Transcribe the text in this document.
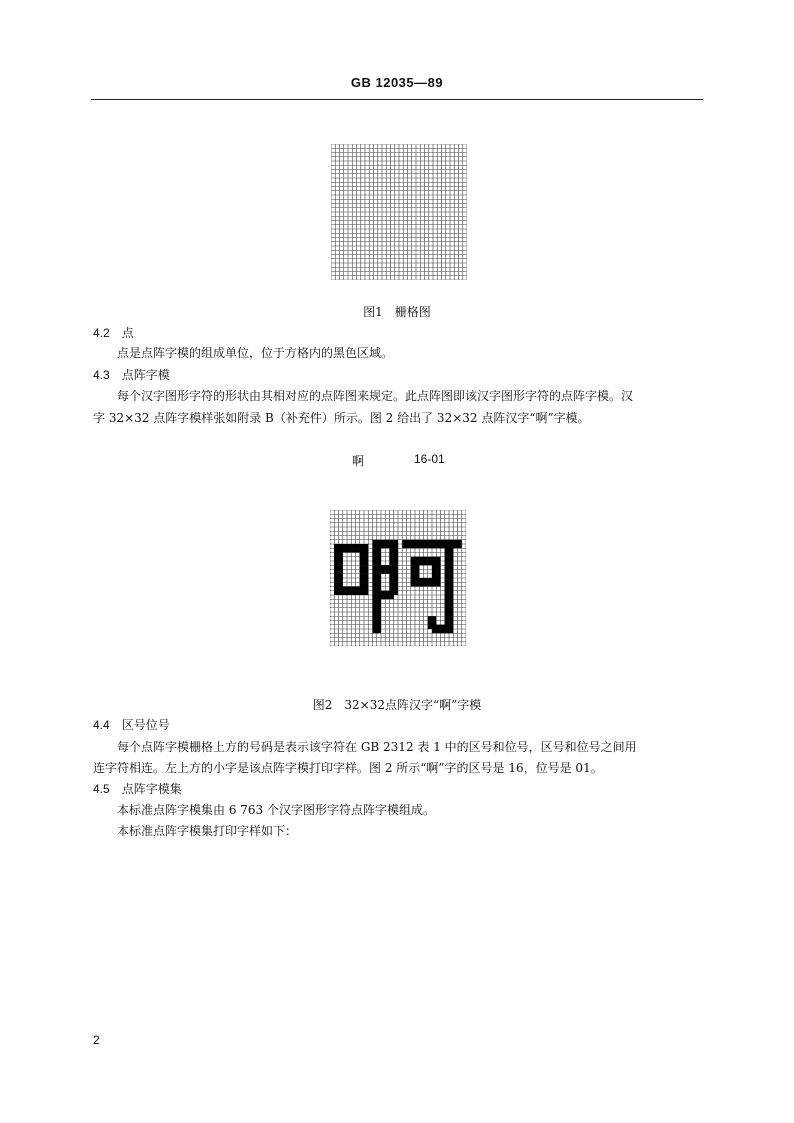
GB 12035—89
图1　栅格图
4.2 点
点是点阵字模的组成单位，位于方格内的黑色区域。
4.3 点阵字模
每个汉字图形字符的形状由其相对应的点阵图来规定。此点阵图即该汉字图形字符的点阵字模。汉
字 32×32 点阵字模样张如附录 B（补充件）所示。图 2 给出了 32×32 点阵汉字“啊”字模。
啊	16-01
图2　32×32点阵汉字“啊”字模
4.4 区号位号
每个点阵字模栅格上方的号码是表示该字符在 GB 2312 表 1 中的区号和位号，区号和位号之间用
连字符相连。左上方的小字是该点阵字模打印字样。图 2 所示“啊”字的区号是 16，位号是 01。
4.5 点阵字模集
本标准点阵字模集由 6 763 个汉字图形字符点阵字模组成。
本标准点阵字模集打印字样如下：
2
